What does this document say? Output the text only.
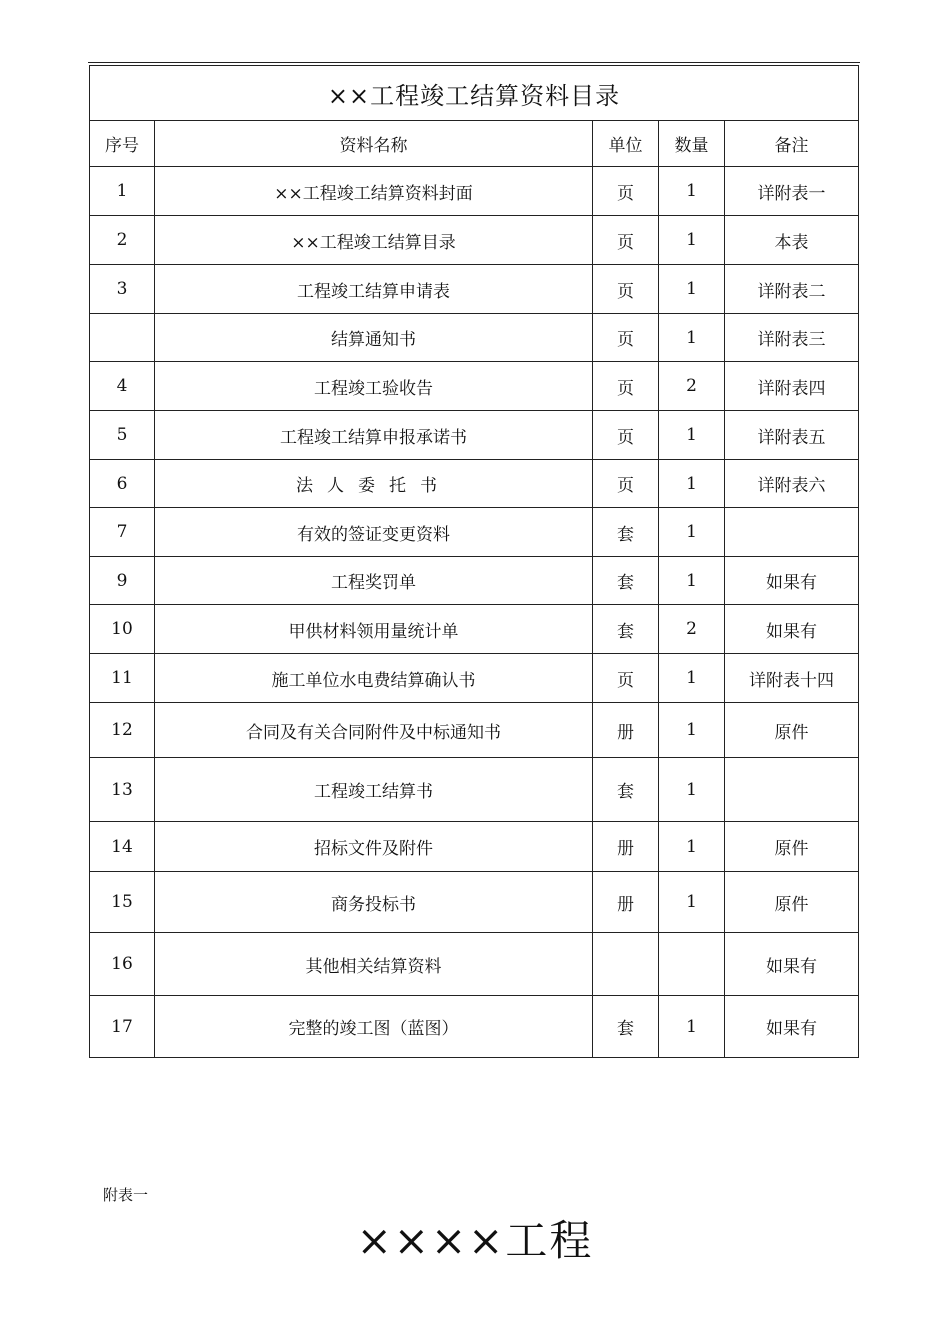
××工程竣工结算资料目录				
序号	资料名称	单位	数量	备注
1	××工程竣工结算资料封面	页	1	详附表一
2	××工程竣工结算目录	页	1	本表
3	工程竣工结算申请表	页	1	详附表二
	结算通知书	页	1	详附表三
4	工程竣工验收告	页	2	详附表四
5	工程竣工结算申报承诺书	页	1	详附表五
6	法人委托书	页	1	详附表六
7	有效的签证变更资料	套	1	
9	工程奖罚单	套	1	如果有
10	甲供材料领用量统计单	套	2	如果有
11	施工单位水电费结算确认书	页	1	详附表十四
12	合同及有关合同附件及中标通知书	册	1	原件
13	工程竣工结算书	套	1	
14	招标文件及附件	册	1	原件
15	商务投标书	册	1	原件
16	其他相关结算资料			如果有
17	完整的竣工图（蓝图）	套	1	如果有
附表一
××××工程
